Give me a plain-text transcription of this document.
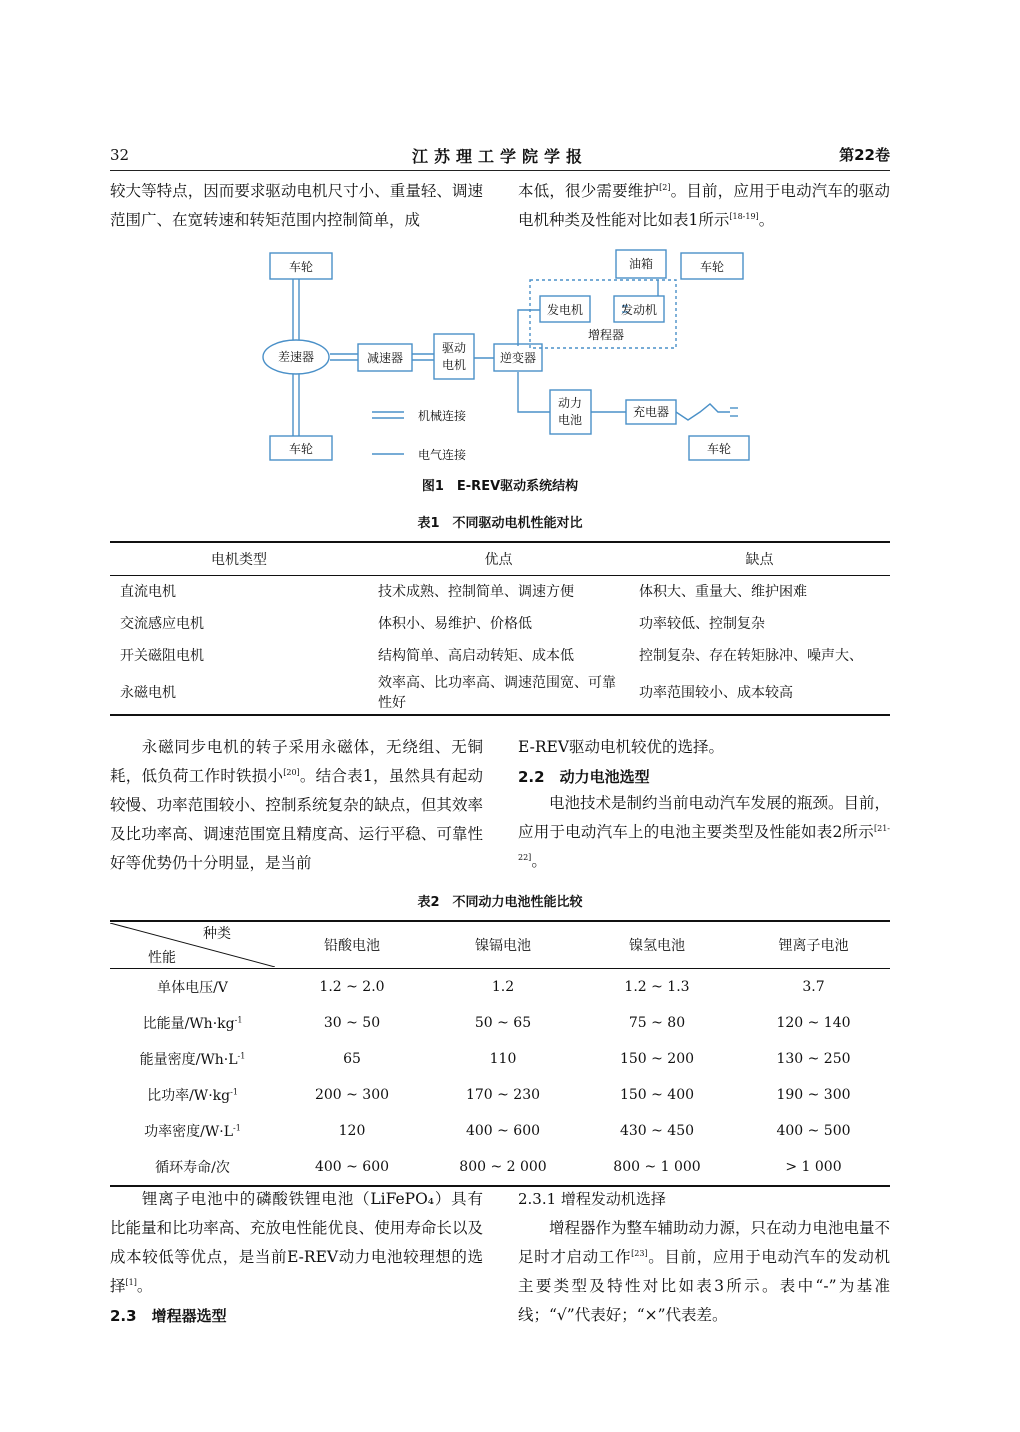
32	江苏理工学院学报	第22卷

较大等特点，因而要求驱动电机尺寸小、重量轻、调速范围广、在宽转速和转矩范围内控制简单，成

本低，很少需要维护[2]。目前，应用于电动汽车的驱动电机种类及性能对比如表1所示[18-19]。

车轮
车轮
差速器	减速器
驱动
电机	逆变器
油箱	车轮
发电机	发动机
增程器
动力
电池
充电器
车轮
机械连接
电气连接
图1　E-REV驱动系统结构
表1　不同驱动电机性能对比
电机类型	优点	缺点
直流电机	技术成熟、控制简单、调速方便	体积大、重量大、维护困难
交流感应电机	体积小、易维护、价格低	功率较低、控制复杂
开关磁阻电机	结构简单、高启动转矩、成本低	控制复杂、存在转矩脉冲、噪声大、
永磁电机	效率高、比功率高、调速范围宽、可靠性好	功率范围较小、成本较高

永磁同步电机的转子采用永磁体，无绕组、无铜耗，低负荷工作时铁损小[20]。结合表1，虽然具有起动较慢、功率范围较小、控制系统复杂的缺点，但其效率及比功率高、调速范围宽且精度高、运行平稳、可靠性好等优势仍十分明显，是当前

E-REV驱动电机较优的选择。

2.2　动力电池选型

电池技术是制约当前电动汽车发展的瓶颈。目前，应用于电动汽车上的电池主要类型及性能如表2所示[21-22]。

表2　不同动力电池性能比较
种类
性能	铅酸电池	镍镉电池	镍氢电池	锂离子电池
单体电压/V	1.2 ~ 2.0	1.2	1.2 ~ 1.3	3.7
比能量$/Wh\cdot kg^{-1}$	30 ~ 50	50 ~ 65	75 ~ 80	120 ~ 140
能量密度$/Wh\cdot L^{-1}$	65	110	150 ~ 200	130 ~ 250
比功率$/W\cdot kg^{-1}$	200 ~ 300	170 ~ 230	150 ~ 400	190 ~ 300
功率密度$/W\cdot L^{-1}$	120	400 ~ 600	430 ~ 450	400 ~ 500
循环寿命/次	400 ~ 600	800 ~ 2 000	800 ~ 1 000	> 1 000

锂离子电池中的磷酸铁锂电池（LiFePO₄）具有比能量和比功率高、充放电性能优良、使用寿命长以及成本较低等优点，是当前E-REV动力电池较理想的选择[1]。

2.3　增程器选型
2.3.1 增程发动机选择

增程器作为整车辅助动力源，只在动力电池电量不足时才启动工作[23]。目前，应用于电动汽车的发动机主要类型及特性对比如表3所示。表中“-”为基准线；“√”代表好；“×”代表差。
